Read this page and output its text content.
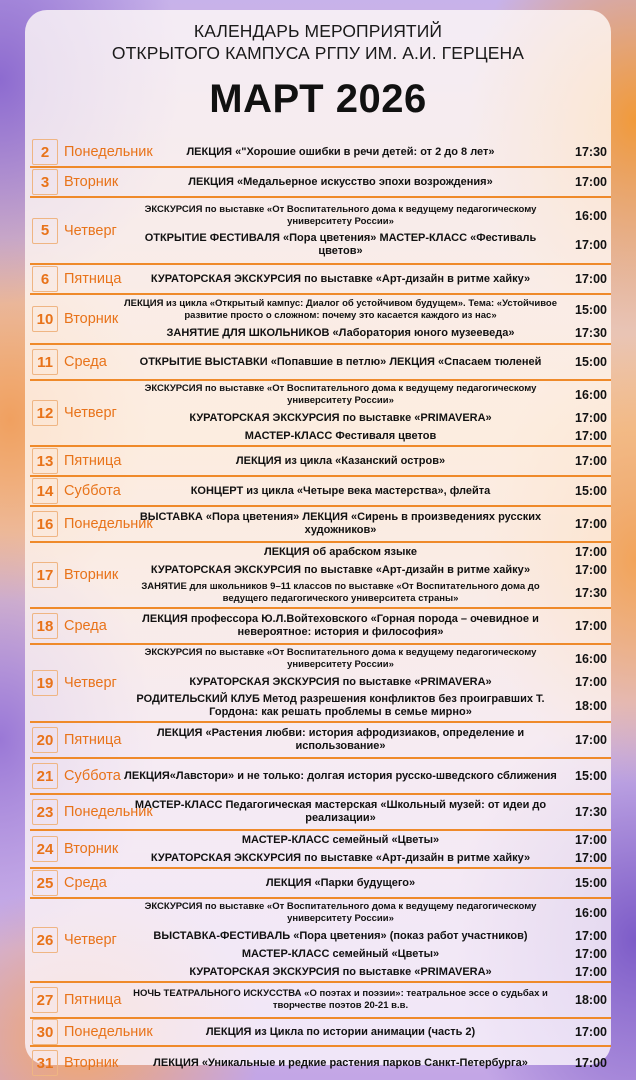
КАЛЕНДАРЬ МЕРОПРИЯТИЙ
ОТКРЫТОГО КАМПУСА РГПУ ИМ. А.И. ГЕРЦЕНА
МАРТ 2026
2	Понедельник	ЛЕКЦИЯ «"Хорошие ошибки в речи детей: от 2 до 8 лет»	17:30
3	Вторник	ЛЕКЦИЯ «Медальерное искусство эпохи возрождения»	17:00
5	Четверг
ЭКСКУРСИЯ по выставке «От Воспитательного дома к ведущему педагогическому университету России»	16:00
ОТКРЫТИЕ ФЕСТИВАЛЯ «Пора цветения» МАСТЕР-КЛАСС «Фестиваль цветов»	17:00
6	Пятница	КУРАТОРСКАЯ ЭКСКУРСИЯ по выставке «Арт-дизайн в ритме хайку»	17:00
10 Вторник
ЛЕКЦИЯ из цикла «Открытый кампус: Диалог об устойчивом будущем». Тема: «Устойчивое развитие просто о сложном: почему это касается каждого из нас»	15:00
ЗАНЯТИЕ ДЛЯ ШКОЛЬНИКОВ «Лаборатория юного музееведа»	17:30
11 Среда	ОТКРЫТИЕ ВЫСТАВКИ «Попавшие в петлю» ЛЕКЦИЯ «Спасаем тюленей	15:00
12 Четверг
ЭКСКУРСИЯ по выставке «От Воспитательного дома к ведущему педагогическому университету России»	16:00
КУРАТОРСКАЯ ЭКСКУРСИЯ по выставке «PRIMAVERA»	17:00
МАСТЕР-КЛАСС Фестиваля цветов	17:00
13 Пятница	ЛЕКЦИЯ из цикла «Казанский остров»	17:00
14 Суббота	КОНЦЕРТ из цикла «Четыре века мастерства», флейта	15:00
16 Понедельник
ВЫСТАВКА «Пора цветения» ЛЕКЦИЯ «Сирень в произведениях русских художников»	17:00
17 Вторник
ЛЕКЦИЯ об арабском языке	17:00
КУРАТОРСКАЯ ЭКСКУРСИЯ по выставке «Арт-дизайн в ритме хайку»	17:00
ЗАНЯТИЕ для школьников 9–11 классов по выставке «От Воспитательного дома до ведущего педагогического университета страны»	17:30
18 Среда	ЛЕКЦИЯ профессора Ю.Л.Войтеховского «Горная порода – очевидное и невероятное: история и философия»	17:00
19 Четверг
ЭКСКУРСИЯ по выставке «От Воспитательного дома к ведущему педагогическому университету России»	16:00
КУРАТОРСКАЯ ЭКСКУРСИЯ по выставке «PRIMAVERA»	17:00
РОДИТЕЛЬСКИЙ КЛУБ Метод разрешения конфликтов без проигравших Т. Гордона: как решать проблемы в семье мирно»	18:00
20 Пятница	ЛЕКЦИЯ «Растения любви: история афродизиаков, определение и использование»	17:00
21 Суббота ЛЕКЦИЯ«Лавстори» и не только: долгая история русско-шведского сближения	15:00
23 Понедельник
МАСТЕР-КЛАСС Педагогическая мастерская «Школьный музей: от идеи до реализации»	17:30
24 Вторник
МАСТЕР-КЛАСС семейный «Цветы»	17:00
КУРАТОРСКАЯ ЭКСКУРСИЯ по выставке «Арт-дизайн в ритме хайку»	17:00
25 Среда	ЛЕКЦИЯ «Парки будущего»	15:00
26 Четверг
ЭКСКУРСИЯ по выставке «От Воспитательного дома к ведущему педагогическому университету России»	16:00
ВЫСТАВКА-ФЕСТИВАЛЬ «Пора цветения» (показ работ участников)	17:00
МАСТЕР-КЛАСС семейный «Цветы»	17:00
КУРАТОРСКАЯ ЭКСКУРСИЯ по выставке «PRIMAVERA»	17:00
27 Пятница	НОЧЬ ТЕАТРАЛЬНОГО ИСКУССТВА «О поэтах и поэзии»: театральное эссе о судьбах и творчестве поэтов 20-21 в.в.	18:00
30 Понедельник	ЛЕКЦИЯ из Цикла по истории анимации (часть 2)	17:00
31 Вторник	ЛЕКЦИЯ «Уникальные и редкие растения парков Санкт-Петербурга»	17:00
